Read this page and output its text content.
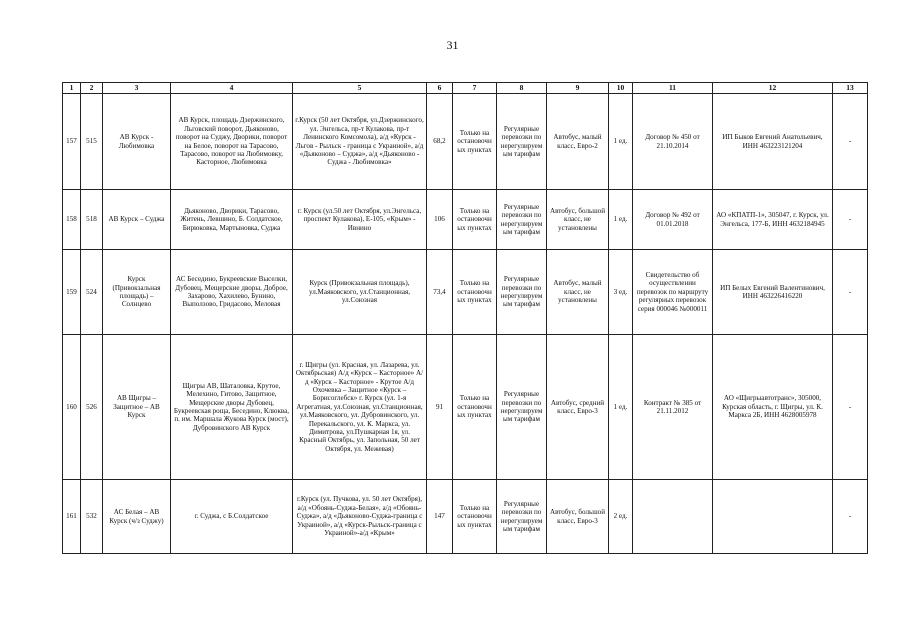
31
1	2	3	4	5	6	7	8	9	10	11	12	13
157	515	АВ Курск - Любимовка	АВ Курск, площадь Дзержинского, Льговский поворот, Дьяконово, поворот на Суджу, Дворики, поворот на Белое, поворот на Тарасово, Тарасово, поворот на Любимовку, Касторное, Любимовка	г.Курск (50 лет Октября, ул.Дзержинского, ул. Энгельса, пр-т Кулакова, пр-т Ленинского Комсомола), а/д «Курск - Льгов - Рыльск - граница с Украиной», а/д «Дьяконово – Суджа», а/д «Дьяконово - Суджа - Любимовка»	68,2	Только на остановочных пунктах	Регулярные перевозки по нерегулируемым тарифам	Автобус, малый класс, Евро-2	1 ед.	Договор № 450 от 21.10.2014	ИП Быков Евгений Анатольевич, ИНН 463223121204	-
158	518	АВ Курск – Суджа	Дьяконово, Дворики, Тарасово, Житень, Левшино, Б. Солдатское, Бирюковка, Мартыновка, Суджа	г. Курск (ул.50 лет Октября, ул.Энгельса, проспект Кулакова), Е-105, «Крым» - Ивнино	106	Только на остановочных пунктах	Регулярные перевозки по нерегулируемым тарифам	Автобус, большой класс, не установлены	1 ед.	Договор № 492 от 01.01.2018	АО «КПАТП-1», 305047, г. Курск, ул. Энгельса, 177-Б, ИНН 4632184945	-
159	524	Курск (Привокзальная площадь) – Солнцево	АС Беседино, Букреевские Выселки, Дубовец, Мещерские дворы, Доброе, Захарово, Хахилево, Бунино, Выползово, Гридасово, Меловая	Курск (Привокзальная площадь), ул.Маяковского, ул.Станционная, ул.Союзная	73,4	Только на остановочных пунктах	Регулярные перевозки по нерегулируемым тарифам	Автобус, малый класс, не установлены	3 ед.	Свидетельство об осуществлении перевозок по маршруту регулярных перевозок серия 000046 №000011	ИП Белых Евгений Валентинович, ИНН 463226416220	-
160	526	АВ Щигры – Защитное – АВ Курск	Щигры АВ, Шаталовка, Крутое, Мелехино, Гитово, Защитное, Мещерские дворы Дубовец, Букреевская роща, Беседино, Клюква, п. им. Маршала Жукова Курск (мост), Дубровинского АВ Курск	г. Щигры (ул. Красная, ул. Лазарева, ул. Октябрьская) А/д «Курск – Касторное» А/д «Курск – Касторное» - Крутое А/д Охочевка – Защитное «Курск – Борисоглебск» г. Курск (ул. 1-я Агрегатная, ул.Союзная, ул.Станционная, ул.Маяковского, ул. Дубровинского, ул. Перекальского, ул. К. Маркса, ул. Димитрова, ул.Пушкарная 1я, ул. Красный Октябрь, ул. Запольная, 50 лет Октября, ул. Межевая)	91	Только на остановочных пунктах	Регулярные перевозки по нерегулируемым тарифам	Автобус, средний класс, Евро-3	1 ед.	Контракт № 385 от 21.11.2012	АО «Щигрыавтотранс», 305000, Курская область, г. Щигры, ул. К. Маркса 2Б, ИНН 4628005978	-
161	532	АС Белая – АВ Курск (ч/з Суджу)	г. Суджа, с Б.Солдатское	г.Курск (ул. Пучкова, ул. 50 лет Октября), а/д «Обоянь-Суджа-Белая», а/д «Обоянь-Суджа», а/д «Дьяконово-Суджа-граница с Украиной», а/д «Курск-Рыльск-граница с Украиной»-а/д «Крым»	147	Только на остановочных пунктах	Регулярные перевозки по нерегулируемым тарифам	Автобус, большой класс, Евро-3	2 ед.			-
